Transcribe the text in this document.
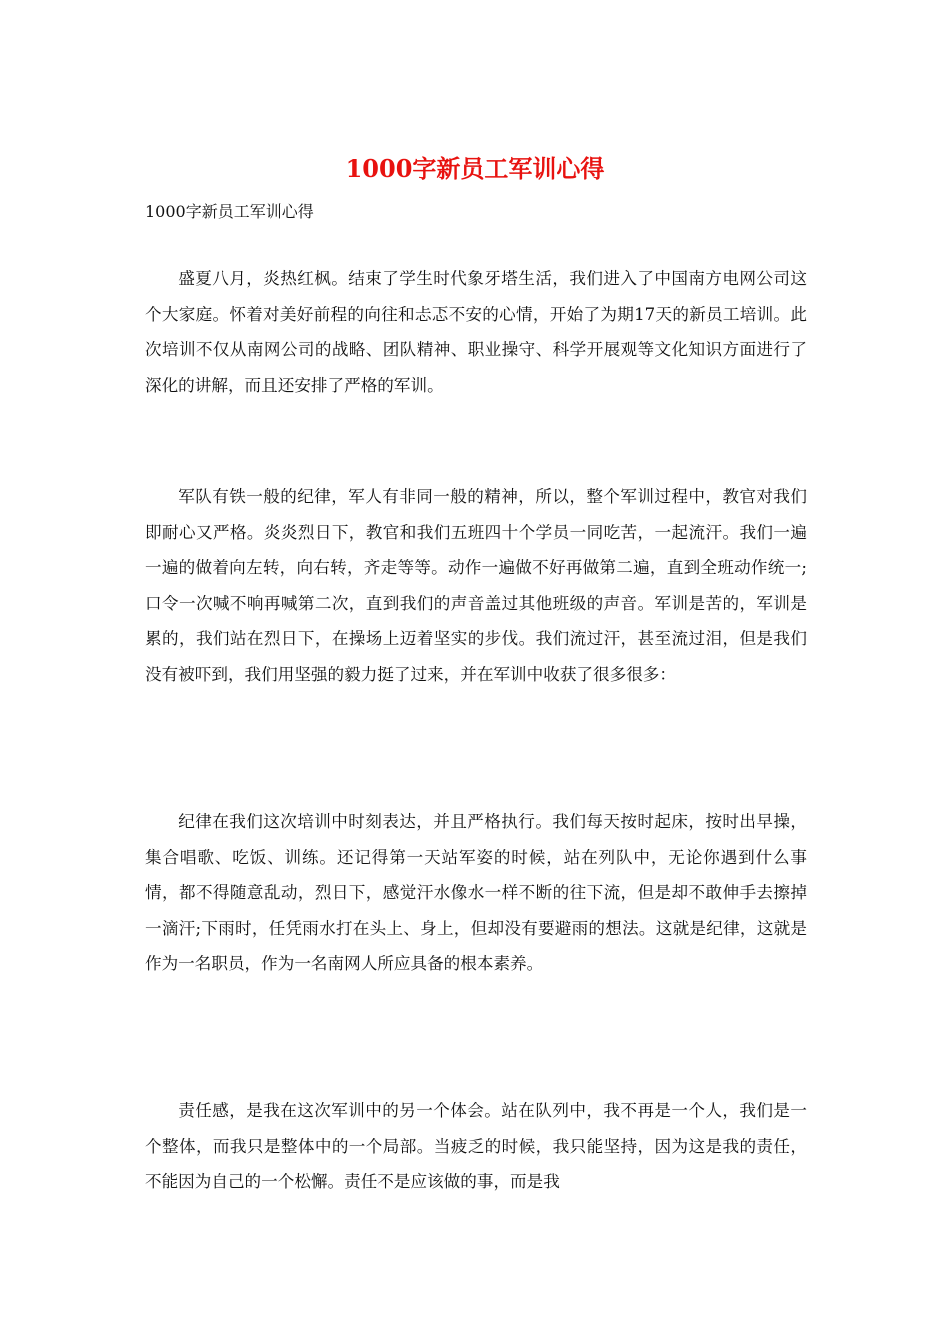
1000字新员工军训心得

1000字新员工军训心得

盛夏八月，炎热红枫。结束了学生时代象牙塔生活，我们进入了中国南方电网公司这个大家庭。怀着对美好前程的向往和忐忑不安的心情，开始了为期17天的新员工培训。此次培训不仅从南网公司的战略、团队精神、职业操守、科学开展观等文化知识方面进行了深化的讲解，而且还安排了严格的军训。

军队有铁一般的纪律，军人有非同一般的精神，所以，整个军训过程中，教官对我们即耐心又严格。炎炎烈日下，教官和我们五班四十个学员一同吃苦，一起流汗。我们一遍一遍的做着向左转，向右转，齐走等等。动作一遍做不好再做第二遍，直到全班动作统一;口令一次喊不响再喊第二次，直到我们的声音盖过其他班级的声音。军训是苦的，军训是累的，我们站在烈日下，在操场上迈着坚实的步伐。我们流过汗，甚至流过泪，但是我们没有被吓到，我们用坚强的毅力挺了过来，并在军训中收获了很多很多：

纪律在我们这次培训中时刻表达，并且严格执行。我们每天按时起床，按时出早操，集合唱歌、吃饭、训练。还记得第一天站军姿的时候，站在列队中，无论你遇到什么事情，都不得随意乱动，烈日下，感觉汗水像水一样不断的往下流，但是却不敢伸手去擦掉一滴汗;下雨时，任凭雨水打在头上、身上，但却没有要避雨的想法。这就是纪律，这就是作为一名职员，作为一名南网人所应具备的根本素养。

责任感，是我在这次军训中的另一个体会。站在队列中，我不再是一个人，我们是一个整体，而我只是整体中的一个局部。当疲乏的时候，我只能坚持，因为这是我的责任，不能因为自己的一个松懈。责任不是应该做的事，而是我
